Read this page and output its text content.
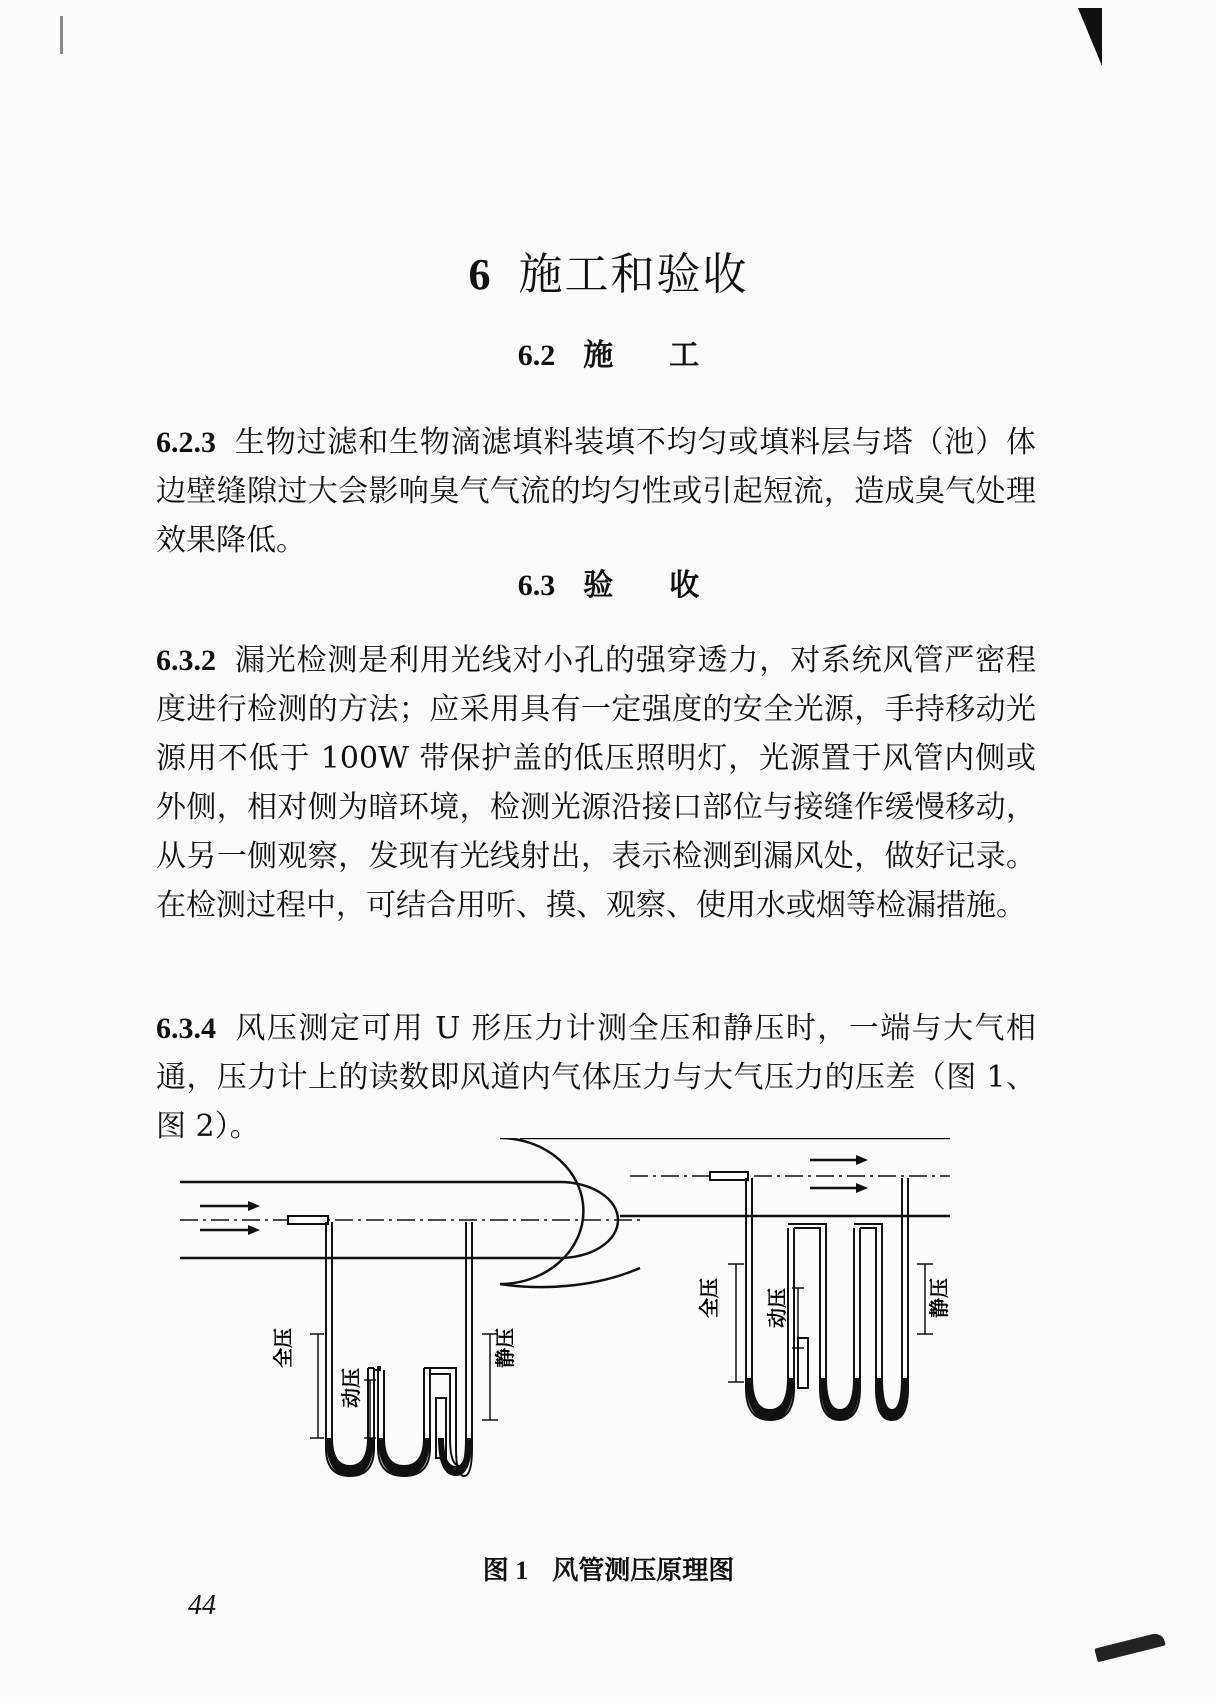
6 施工和验收
6.2 施工
6.2.3 生物过滤和生物滴滤填料装填不均匀或填料层与塔（池）体边壁缝隙过大会影响臭气气流的均匀性或引起短流，造成臭气处理效果降低。
6.3 验收
6.3.2 漏光检测是利用光线对小孔的强穿透力，对系统风管严密程度进行检测的方法；应采用具有一定强度的安全光源，手持移动光源用不低于 100W 带保护盖的低压照明灯，光源置于风管内侧或外侧，相对侧为暗环境，检测光源沿接口部位与接缝作缓慢移动，从另一侧观察，发现有光线射出，表示检测到漏风处，做好记录。在检测过程中，可结合用听、摸、观察、使用水或烟等检漏措施。
6.3.4 风压测定可用 U 形压力计测全压和静压时，一端与大气相通，压力计上的读数即风道内气体压力与大气压力的压差（图 1、图 2）。
全压
动压
静压
全压 动压	静压
图 1 风管测压原理图
44
